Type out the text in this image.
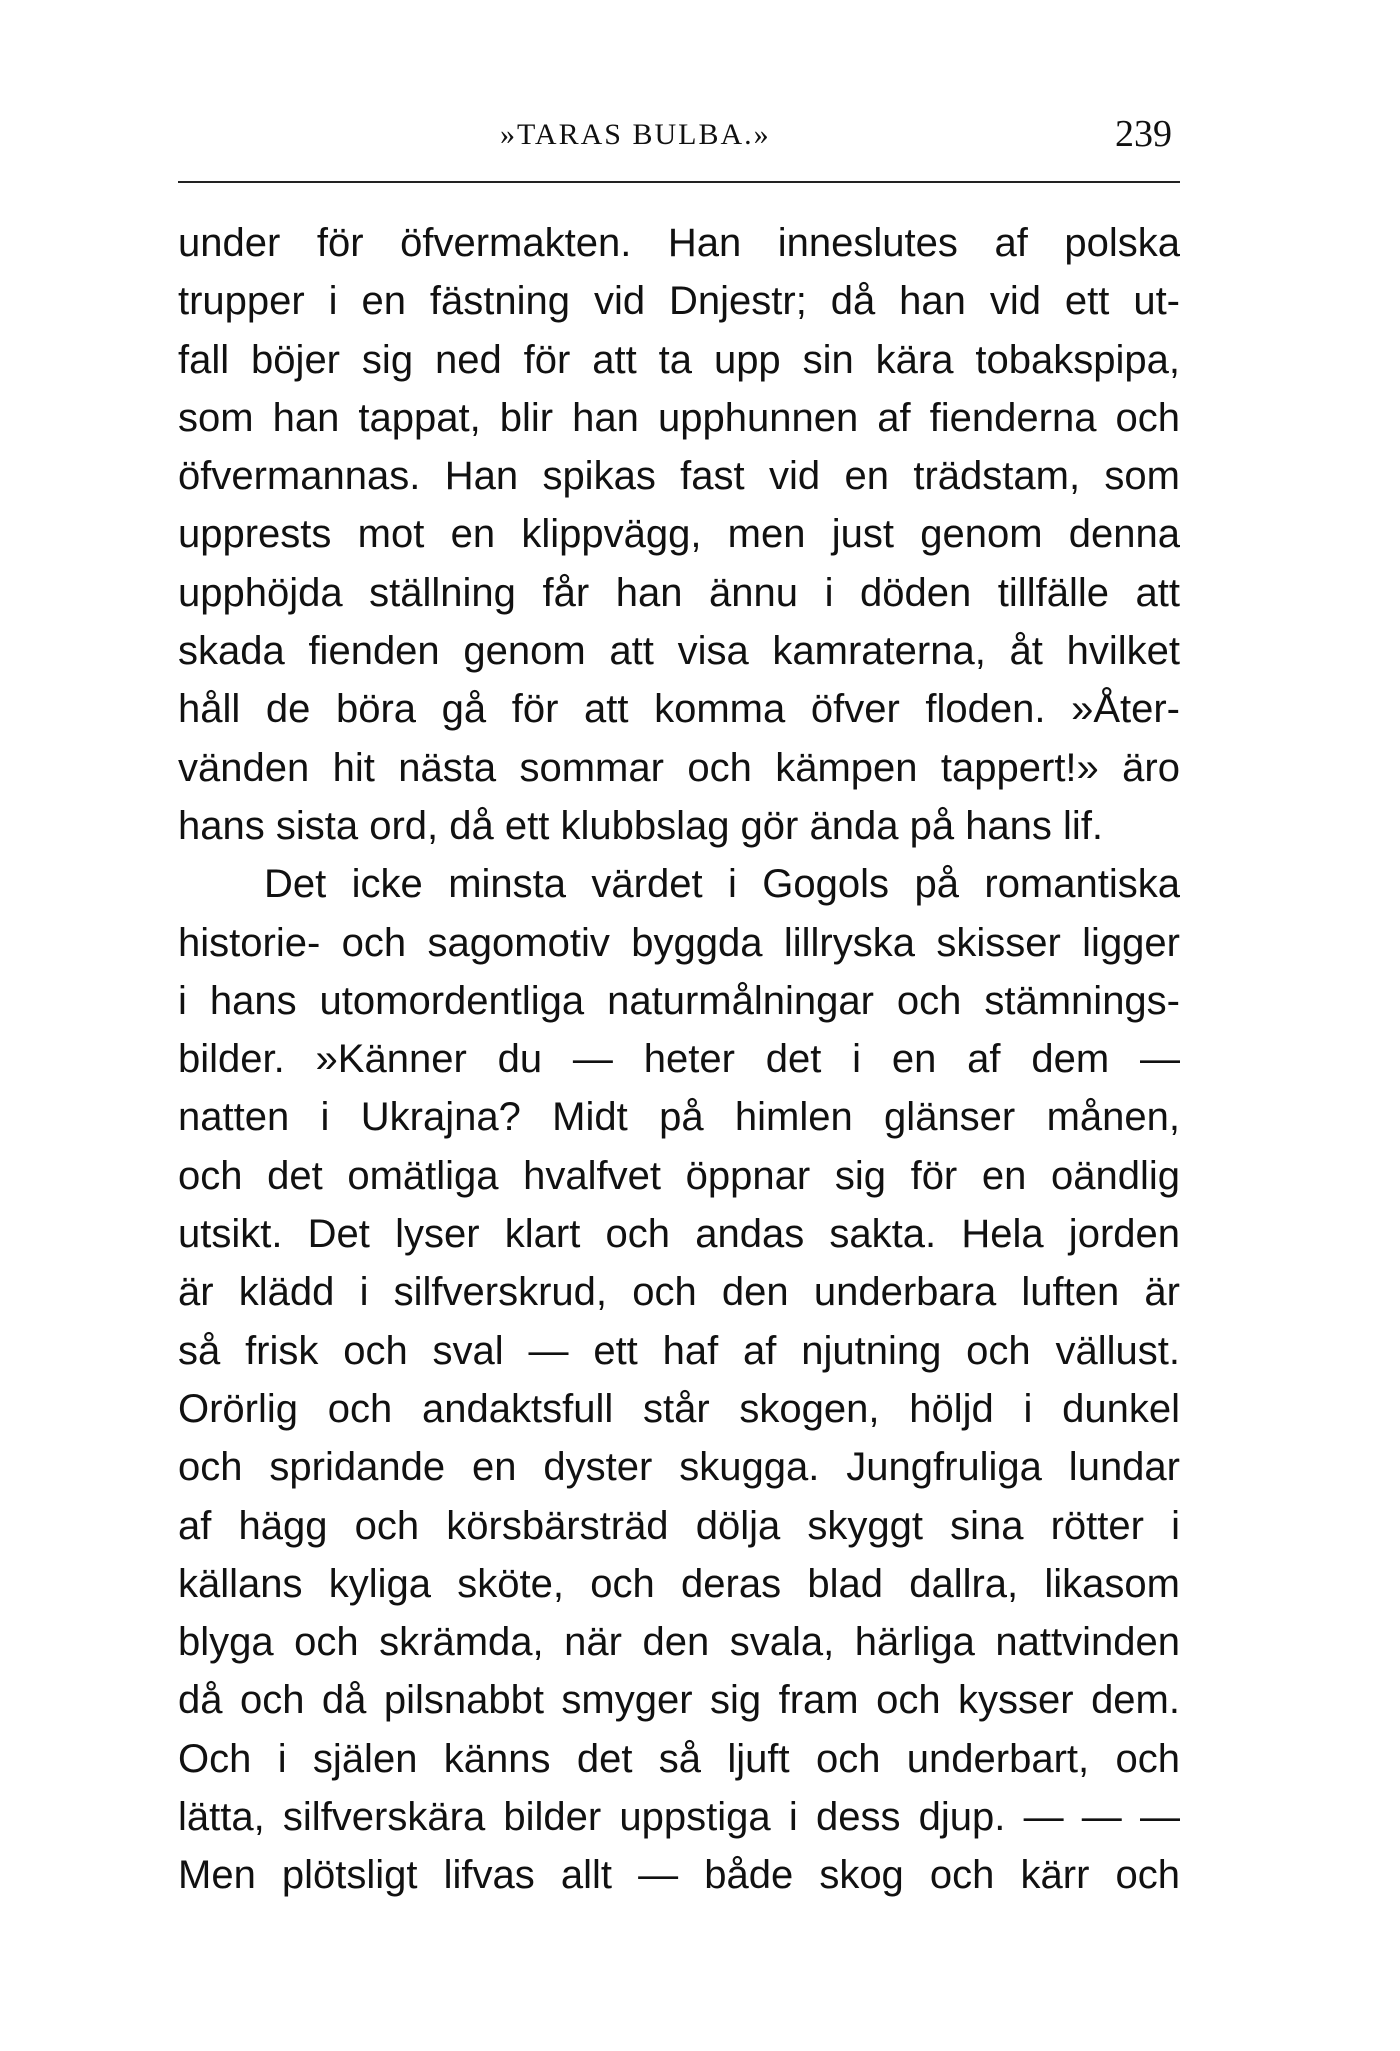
»TARAS BULBA.»	239
under för öfvermakten. Han inneslutes af polska
trupper i en fästning vid Dnjestr; då han vid ett ut-
fall böjer sig ned för att ta upp sin kära tobakspipa,
som han tappat, blir han upphunnen af fienderna och
öfvermannas. Han spikas fast vid en trädstam, som
upprests mot en klippvägg, men just genom denna
upphöjda ställning får han ännu i döden tillfälle att
skada fienden genom att visa kamraterna, åt hvilket
håll de böra gå för att komma öfver floden. »Åter-
vänden hit nästa sommar och kämpen tappert!» äro
hans sista ord, då ett klubbslag gör ända på hans lif.
Det icke minsta värdet i Gogols på romantiska
historie- och sagomotiv byggda lillryska skisser ligger
i hans utomordentliga naturmålningar och stämnings-
bilder. »Känner du — heter det i en af dem —
natten i Ukrajna? Midt på himlen glänser månen,
och det omätliga hvalfvet öppnar sig för en oändlig
utsikt. Det lyser klart och andas sakta. Hela jorden
är klädd i silfverskrud, och den underbara luften är
så frisk och sval — ett haf af njutning och vällust.
Orörlig och andaktsfull står skogen, höljd i dunkel
och spridande en dyster skugga. Jungfruliga lundar
af hägg och körsbärsträd dölja skyggt sina rötter i
källans kyliga sköte, och deras blad dallra, likasom
blyga och skrämda, när den svala, härliga nattvinden
då och då pilsnabbt smyger sig fram och kysser dem.
Och i själen känns det så ljuft och underbart, och
lätta, silfverskära bilder uppstiga i dess djup. — — —
Men plötsligt lifvas allt — både skog och kärr och
